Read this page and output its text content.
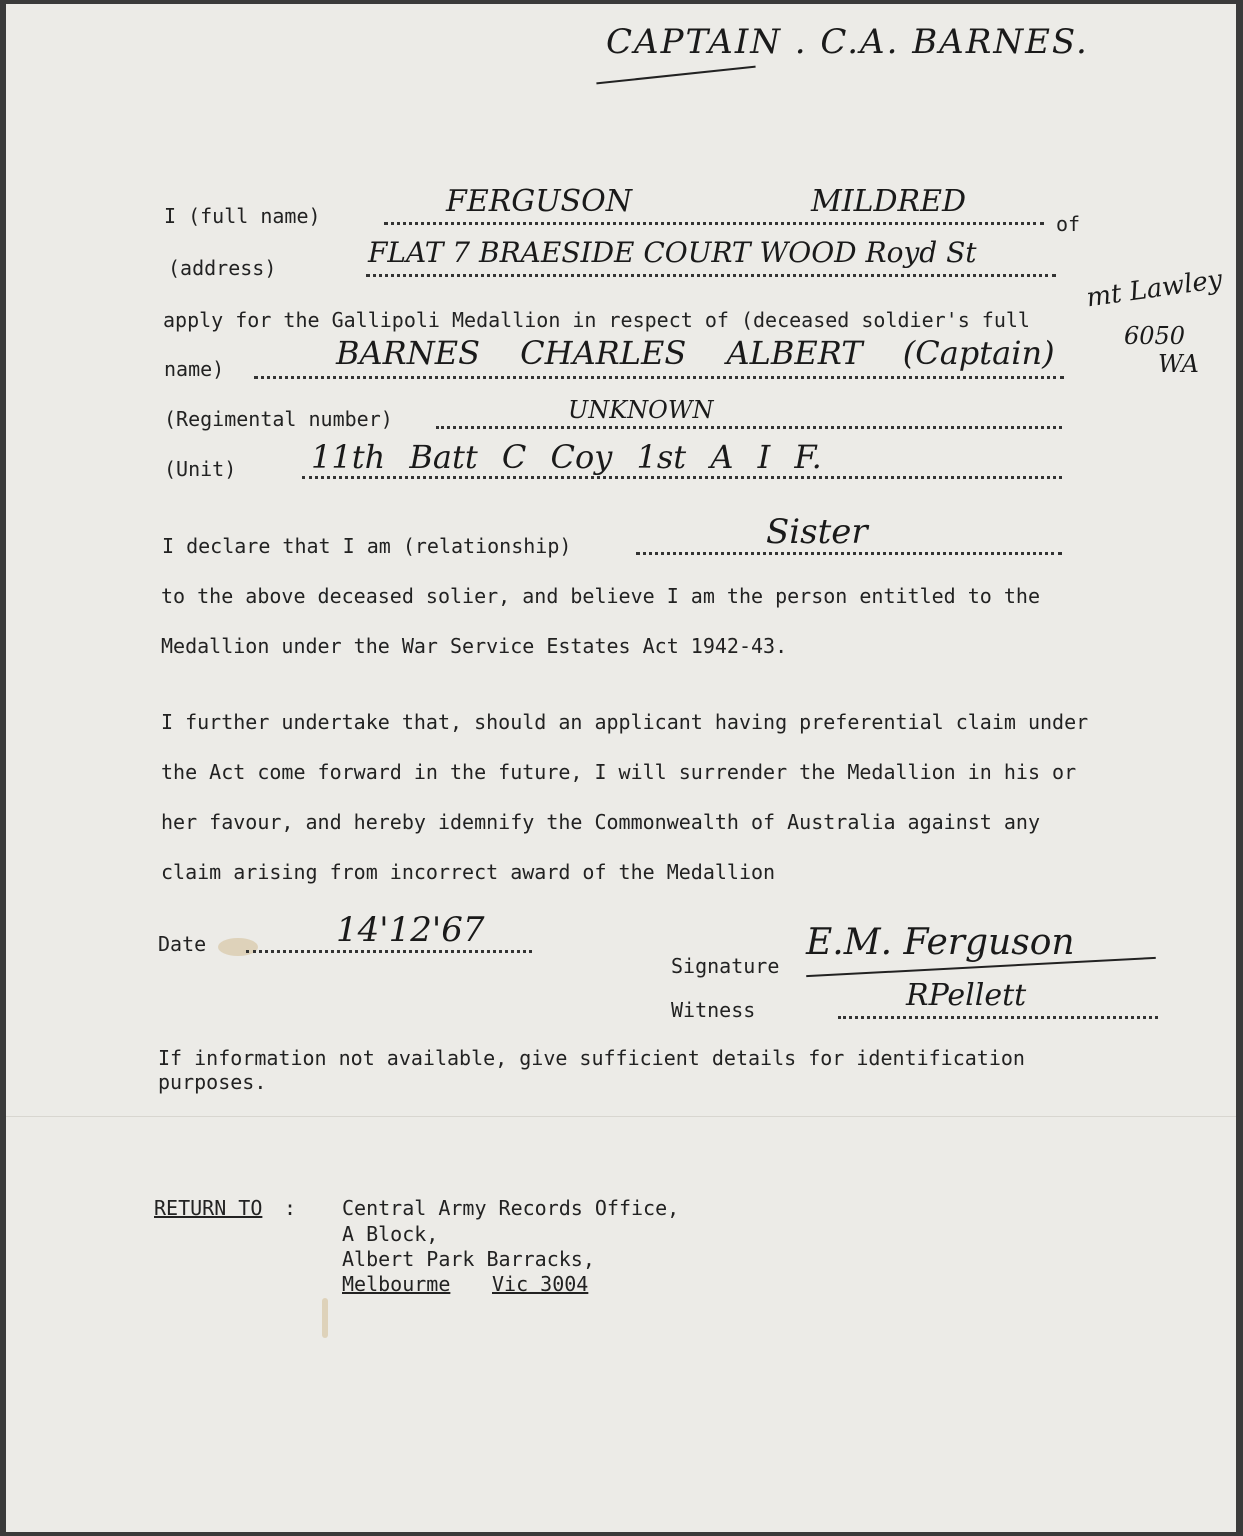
CAPTAIN . C.A. BARNES.
I (full name)	FERGUSON	MILDRED
of
(address)	FLAT 7 BRAESIDE COURT WOOD Royd St
mt Lawley
6050
WA
apply for the Gallipoli Medallion in respect of (deceased soldier's full
name)	BARNES CHARLES ALBERT (Captain)
(Regimental number)	UNKNOWN
(Unit) 11th Batt C Coy 1st A I F.
I declare that I am (relationship)	Sister
to the above deceased solier, and believe I am the person entitled to the
Medallion under the War Service Estates Act 1942-43.
I further undertake that, should an applicant having preferential claim under
the Act come forward in the future, I will surrender the Medallion in his or
her favour, and hereby idemnify the Commonwealth of Australia against any
claim arising from incorrect award of the Medallion
Date	14'12'67
Signature
E.M. Ferguson
Witness	RPellett
If information not available, give sufficient details for identification
purposes.
RETURN TO : Central Army Records Office,
A Block,
Albert Park Barracks,
Melbourme Vic 3004
